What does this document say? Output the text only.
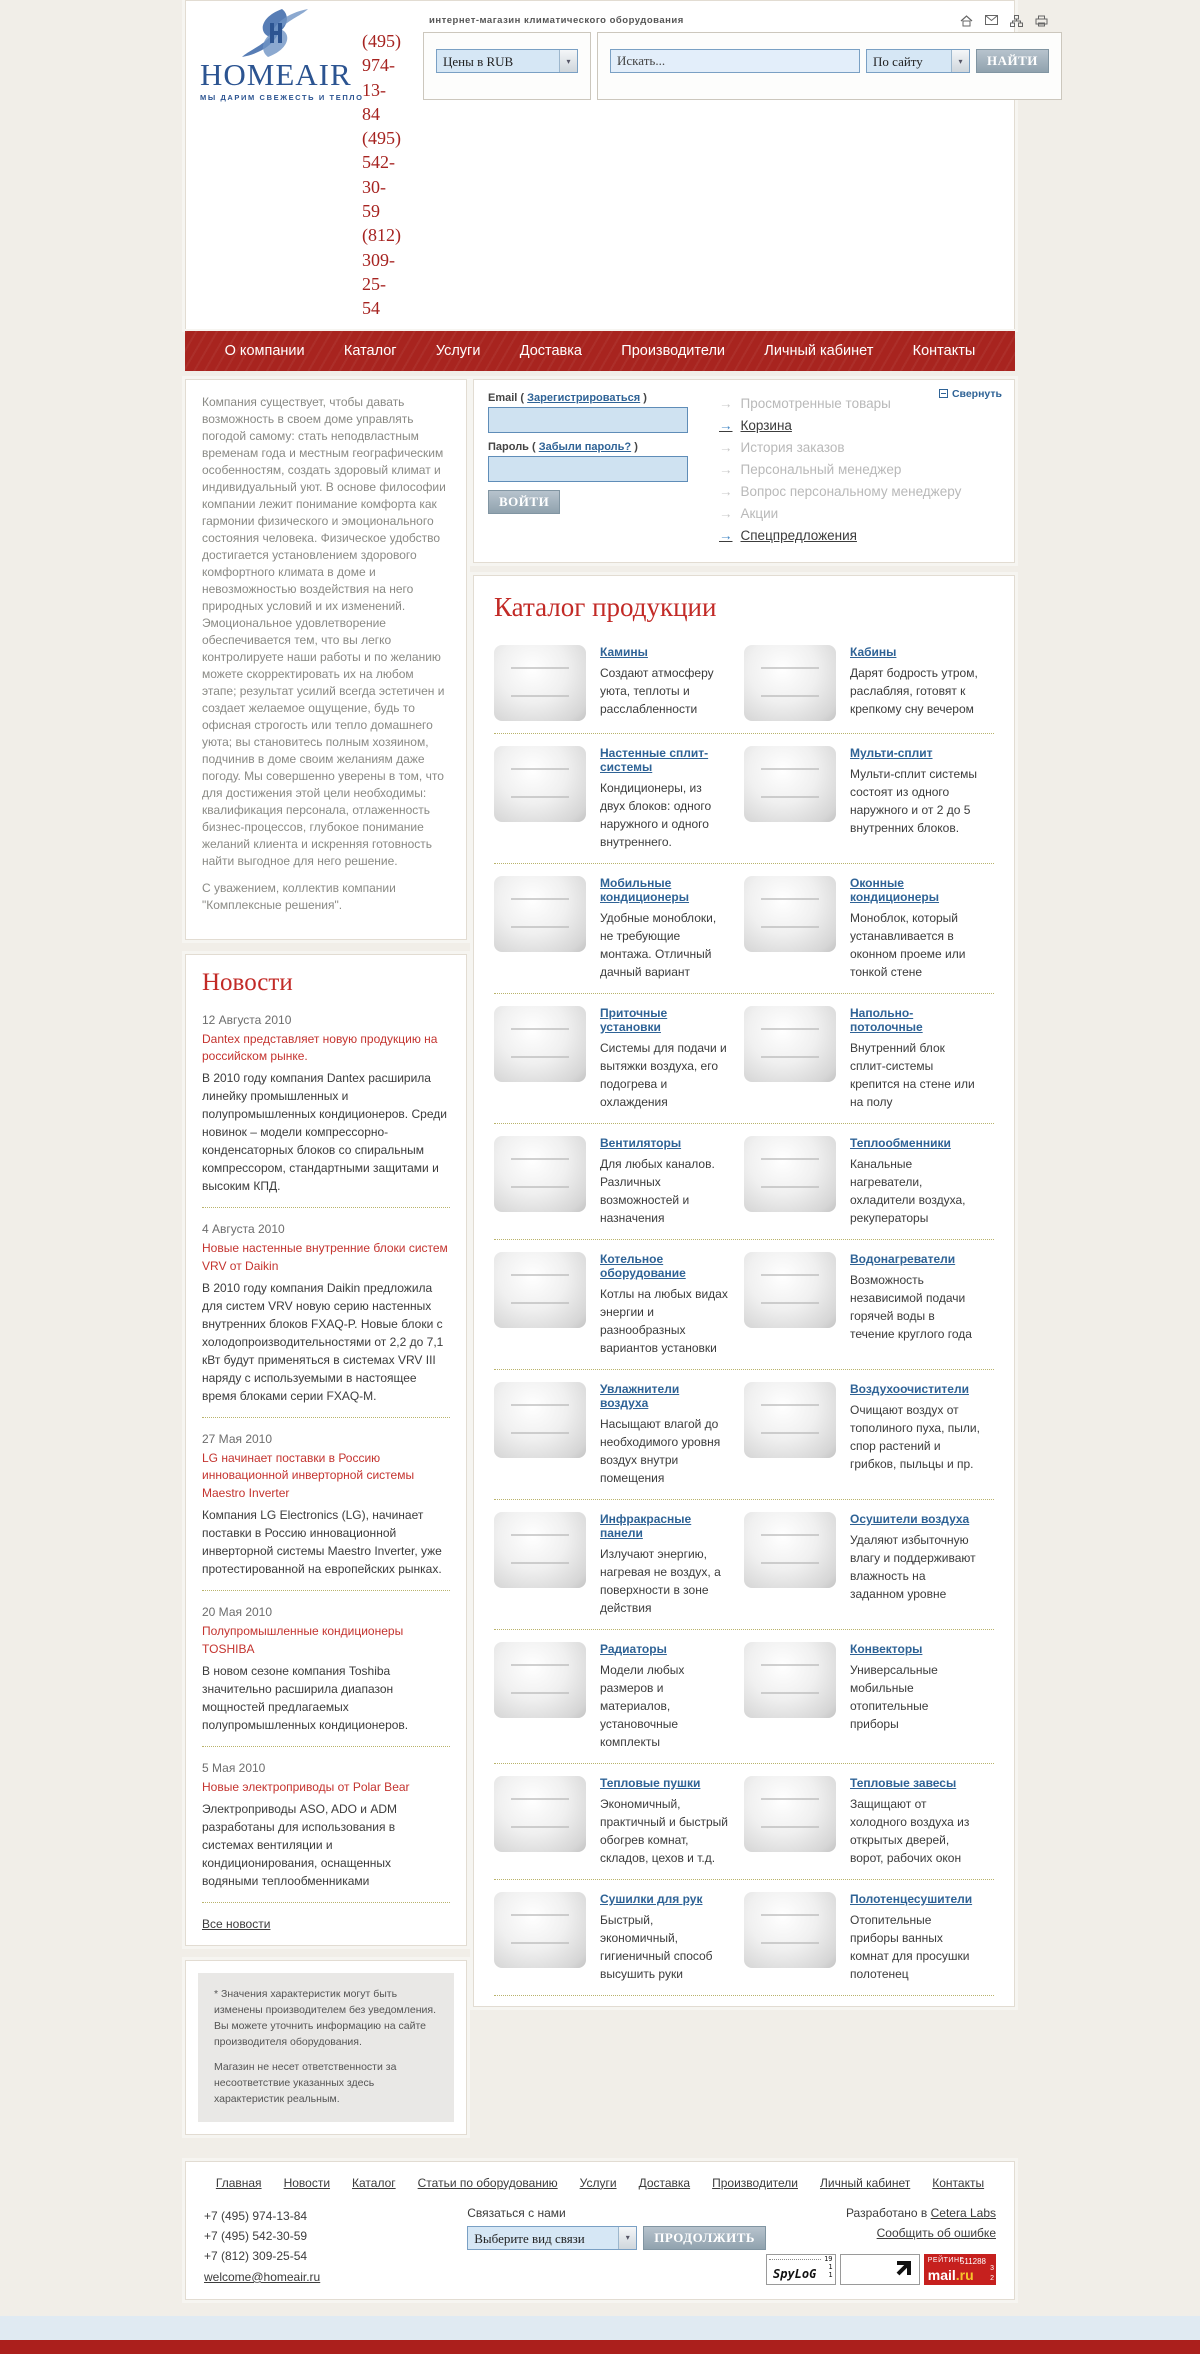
HOMEAIR
МЫ ДАРИМ СВЕЖЕСТЬ И ТЕПЛО
(495) 974-13-84
(495) 542-30-59
(812) 309-25-54
интернет-магазин климатического оборудования
Цены в RUB	▾
Искать...	По сайту	▾	НАЙТИ
О компании	Каталог	Услуги	Доставка	Производители	Личный кабинет	Контакты

Компания существует, чтобы давать возможность в своем доме управлять погодой самому: стать неподвластным временам года и местным географическим особенностям, создать здоровый климат и индивидуальный уют. В основе философии компании лежит понимание комфорта как гармонии физического и эмоционального состояния человека. Физическое удобство достигается установлением здорового комфортного климата в доме и невозможностью воздействия на него природных условий и их изменений. Эмоциональное удовлетворение обеспечивается тем, что вы легко контролируете наши работы и по желанию можете скорректировать их на любом этапе; результат усилий всегда эстетичен и создает желаемое ощущение, будь то офисная строгость или тепло домашнего уюта; вы становитесь полным хозяином, подчинив в доме своим желаниям даже погоду. Мы совершенно уверены в том, что для достижения этой цели необходимы: квалификация персонала, отлаженность бизнес-процессов, глубокое понимание желаний клиента и искренняя готовность найти выгодное для него решение.

С уважением, коллектив компании "Комплексные решения".

Новости
12 Августа 2010
Dantex представляет новую продукцию на российском рынке.
В 2010 году компания Dantex расширила линейку промышленных и полупромышленных кондиционеров. Среди новинок – модели компрессорно-конденсаторных блоков со спиральным компрессором, стандартными защитами и высоким КПД.
4 Августа 2010
Новые настенные внутренние блоки систем VRV от Daikin
В 2010 году компания Daikin предложила для систем VRV новую серию настенных внутренних блоков FXAQ-P. Новые блоки с холодопроизводительностями от 2,2 до 7,1 кВт будут применяться в системах VRV III наряду с используемыми в настоящее время блоками серии FXAQ-M.
27 Мая 2010
LG начинает поставки в Россию инновационной инверторной системы Maestro Inverter
Компания LG Electronics (LG), начинает поставки в Россию инновационной инверторной системы Maestro Inverter, уже протестированной на европейских рынках.
20 Мая 2010
Полупромышленные кондиционеры TOSHIBA
В новом сезоне компания Toshiba значительно расширила диапазон мощностей предлагаемых полупромышленных кондиционеров.
5 Мая 2010
Новые электроприводы от Polar Bear
Электроприводы ASO, ADO и ADM разработаны для использования в системах вентиляции и кондиционирования, оснащенных водяными теплообменниками
Все новости

* Значения характеристик могут быть изменены производителем без уведомления. Вы можете уточнить информацию на сайте производителя оборудования.

Магазин не несет ответственности за несоответствие указанных здесь характеристик реальным.

Email ( Зарегистрироваться )
Пароль ( Забыли пароль? )
ВОЙТИ
→ Просмотренные товары
→ Корзина
→ История заказов
→ Персональный менеджер
→ Вопрос персональному менеджеру
→ Акции
→ Спецпредложения
Свернуть
Каталог продукции
Камины
Создают атмосферу уюта, теплоты и расслабленности
Кабины
Дарят бодрость утром, раслабляя, готовят к крепкому сну вечером
Настенные сплит-системы
Кондиционеры, из двух блоков: одного наружного и одного внутреннего.
Мульти-сплит
Мульти-сплит системы состоят из одного наружного и от 2 до 5 внутренних блоков.
Мобильные кондиционеры
Удобные моноблоки, не требующие монтажа. Отличный дачный вариант
Оконные кондиционеры
Моноблок, который устанавливается в оконном проеме или тонкой стене
Приточные установки
Системы для подачи и вытяжки воздуха, его подогрева и охлаждения
Напольно-потолочные
Внутренний блок сплит-системы крепится на стене или на полу
Вентиляторы
Для любых каналов. Различных возможностей и назначения
Теплообменники
Канальные нагреватели, охладители воздуха, рекуператоры
Котельное оборудование
Котлы на любых видах энергии и разнообразных вариантов установки
Водонагреватели
Возможность независимой подачи горячей воды в течение круглого года
Увлажнители воздуха
Насыщают влагой до необходимого уровня воздух внутри помещения
Воздухоочистители
Очищают воздух от тополиного пуха, пыли, спор растений и грибков, пыльцы и пр.
Инфракрасные панели
Излучают энергию, нагревая не воздух, а поверхности в зоне действия
Осушители воздуха
Удаляют избыточную влагу и поддерживают влажность на заданном уровне
Радиаторы
Модели любых размеров и материалов, установочные комплекты
Конвекторы
Универсальные мобильные отопительные приборы
Тепловые пушки
Экономичный, практичный и быстрый обогрев комнат, складов, цехов и т.д.
Тепловые завесы
Защищают от холодного воздуха из открытых дверей, ворот, рабочих окон
Сушилки для рук
Быстрый, экономичный, гигиеничный способ высушить руки
Полотенцесушители
Отопительные приборы ванных комнат для просушки полотенец
Главная Новости Каталог Статьи по оборудованию Услуги Доставка Производители Личный кабинет Контакты
+7 (495) 974-13-84
+7 (495) 542-30-59
+7 (812) 309-25-54
welcome@homeair.ru
Связаться с нами
Выберите вид связи	▾	ПРОДОЛЖИТЬ
Разработано в Cetera Labs
Сообщить об ошибке
SpyLoG
19
1
1
РЕЙТИНГ
511288
mail.ru 3
2
